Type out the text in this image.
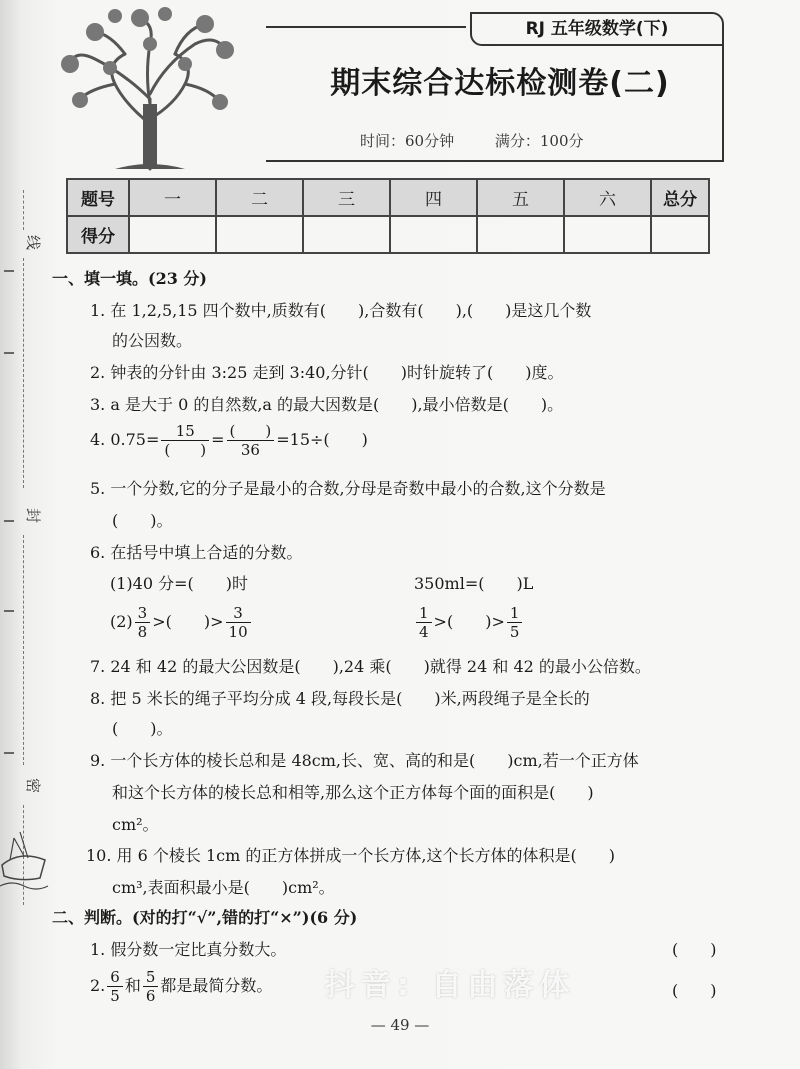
线
封
密
RJ 五年级数学(下)
期末综合达标检测卷(二)
时间：60分钟	满分：100分
题号	一	二	三	四	五	六	总分
得分							
一、填一填。(23 分)
1. 在 1,2,5,15 四个数中,质数有(　　),合数有(　　),(　　)是这几个数
的公因数。
2. 钟表的分针由 3:25 走到 3:40,分针(　　)时针旋转了(　　)度。
3. a 是大于 0 的自然数,a 的最大因数是(　　),最小倍数是(　　)。
4. $0.75= \frac{15}{( )} = \frac{( )}{36} =15\div$(　　)
5. 一个分数,它的分子是最小的合数,分母是奇数中最小的合数,这个分数是
(　　)。
6. 在括号中填上合适的分数。
(1)40 分=(　　)时	350ml=(　　)L
$(2) \frac{3}{8}$ >(　　)> $\frac{3}{10}$	$\frac{1}{4}$ >(　　)> $\frac{1}{5}$
7. 24 和 42 的最大公因数是(　　),24 乘(　　)就得 24 和 42 的最小公倍数。
8. 把 5 米长的绳子平均分成 4 段,每段长是(　　)米,两段绳子是全长的
(　　)。
9. 一个长方体的棱长总和是 48cm,长、宽、高的和是(　　)cm,若一个正方体
和这个长方体的棱长总和相等,那么这个正方体每个面的面积是(　　)
cm²。
10. 用 6 个棱长 1cm 的正方体拼成一个长方体,这个长方体的体积是(　　)
cm³,表面积最小是(　　)cm²。
二、判断。(对的打“√”,错的打“×”)(6 分)
1. 假分数一定比真分数大。	(　　)
2. $\frac{6}{5}$ 和 $\frac{5}{6}$ 都是最简分数。	(　　)
抖音: 自由落体
— 49 —
